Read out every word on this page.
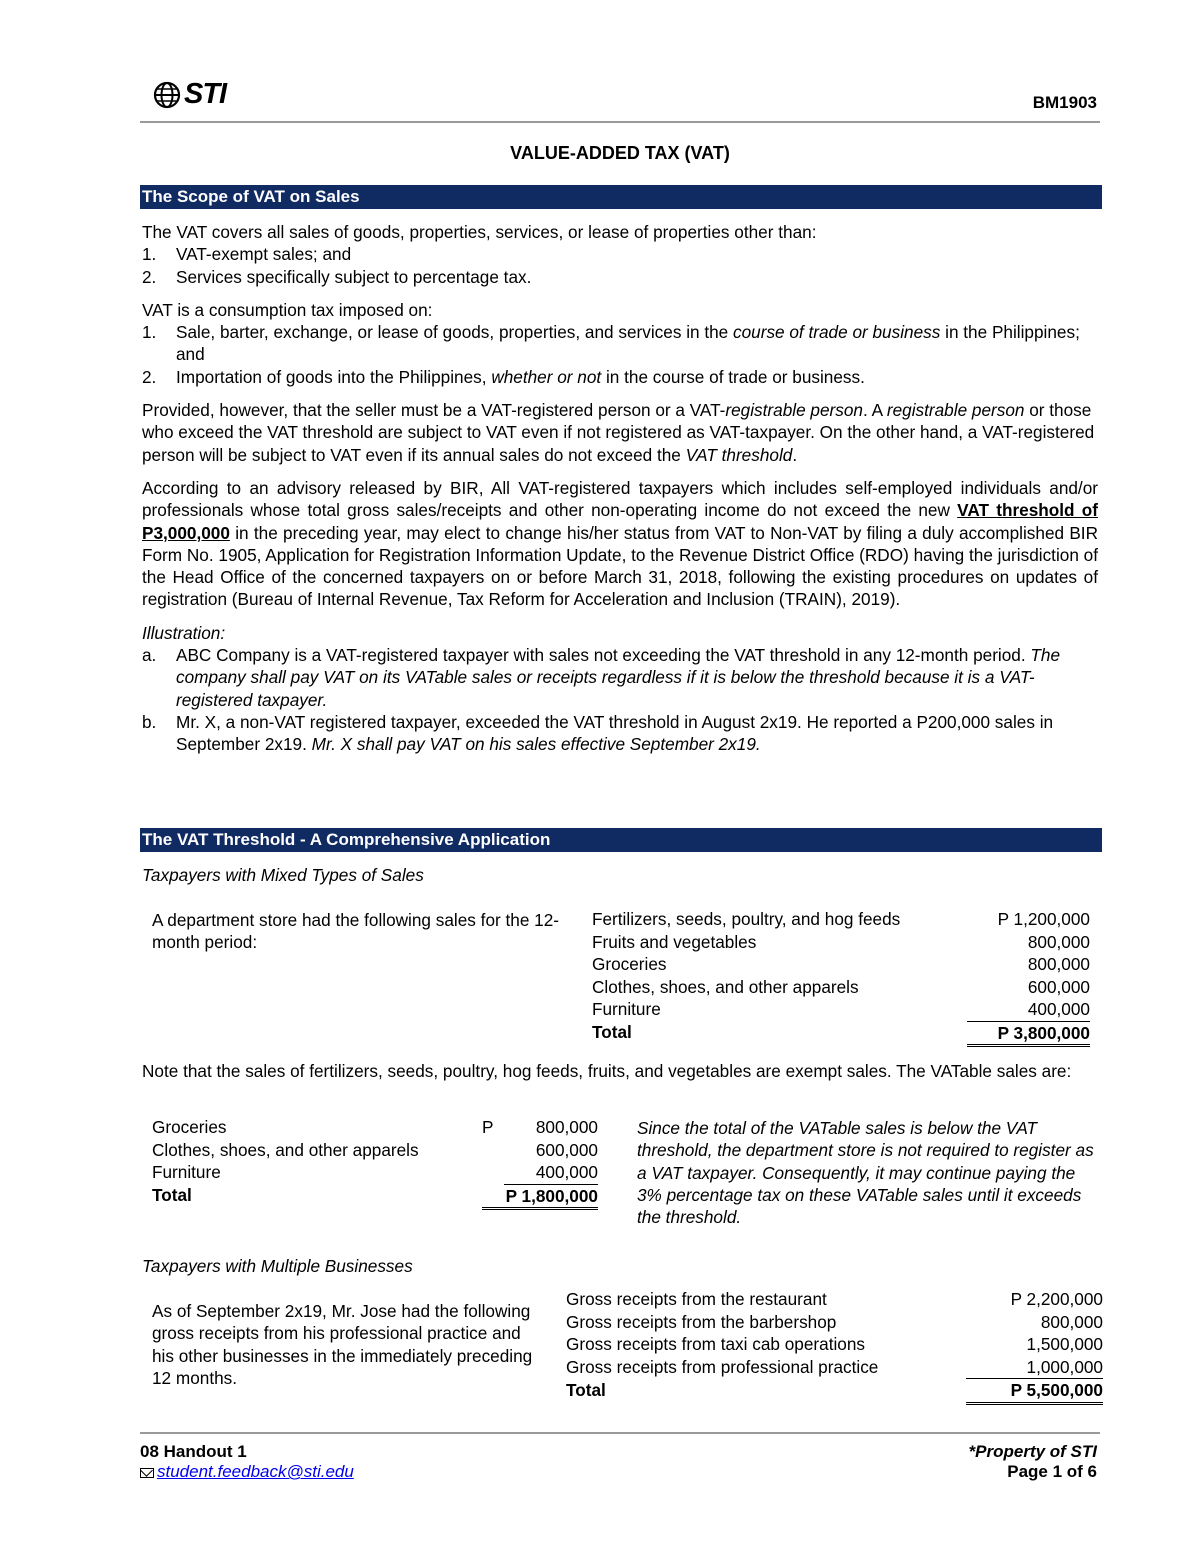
STI	BM1903
VALUE-ADDED TAX (VAT)
The Scope of VAT on Sales
The VAT covers all sales of goods, properties, services, or lease of properties other than:
1. VAT-exempt sales; and
2. Services specifically subject to percentage tax.
VAT is a consumption tax imposed on:
1. Sale, barter, exchange, or lease of goods, properties, and services in the course of trade or business in the Philippines; and
2. Importation of goods into the Philippines, whether or not in the course of trade or business.
Provided, however, that the seller must be a VAT-registered person or a VAT-registrable person. A registrable person or those who exceed the VAT threshold are subject to VAT even if not registered as VAT-taxpayer. On the other hand, a VAT-registered person will be subject to VAT even if its annual sales do not exceed the VAT threshold.
According to an advisory released by BIR, All VAT-registered taxpayers which includes self-employed individuals and/or professionals whose total gross sales/receipts and other non-operating income do not exceed the new VAT threshold of P3,000,000 in the preceding year, may elect to change his/her status from VAT to Non-VAT by filing a duly accomplished BIR Form No. 1905, Application for Registration Information Update, to the Revenue District Office (RDO) having the jurisdiction of the Head Office of the concerned taxpayers on or before March 31, 2018, following the existing procedures on updates of registration (Bureau of Internal Revenue, Tax Reform for Acceleration and Inclusion (TRAIN), 2019).
Illustration:
a. ABC Company is a VAT-registered taxpayer with sales not exceeding the VAT threshold in any 12-month period. The company shall pay VAT on its VATable sales or receipts regardless if it is below the threshold because it is a VAT-registered taxpayer.
b. Mr. X, a non-VAT registered taxpayer, exceeded the VAT threshold in August 2x19. He reported a P200,000 sales in September 2x19. Mr. X shall pay VAT on his sales effective September 2x19.
The VAT Threshold - A Comprehensive Application
Taxpayers with Mixed Types of Sales
A department store had the following sales for the 12-month period:
Fertilizers, seeds, poultry, and hog feeds	P 1,200,000
Fruits and vegetables	800,000
Groceries	800,000
Clothes, shoes, and other apparels	600,000
Furniture	400,000
Total	P 3,800,000
Note that the sales of fertilizers, seeds, poultry, hog feeds, fruits, and vegetables are exempt sales. The VATable sales are:
Groceries	P	800,000
Clothes, shoes, and other apparels		600,000
Furniture		400,000
Total	P 1,800,000	
Since the total of the VATable sales is below the VAT threshold, the department store is not required to register as a VAT taxpayer. Consequently, it may continue paying the 3% percentage tax on these VATable sales until it exceeds the threshold.
Taxpayers with Multiple Businesses
As of September 2x19, Mr. Jose had the following gross receipts from his professional practice and his other businesses in the immediately preceding 12 months.
Gross receipts from the restaurant	P 2,200,000
Gross receipts from the barbershop	800,000
Gross receipts from taxi cab operations	1,500,000
Gross receipts from professional practice	1,000,000
Total	P 5,500,000
08 Handout 1
student.feedback@sti.edu
*Property of STI
Page 1 of 6
